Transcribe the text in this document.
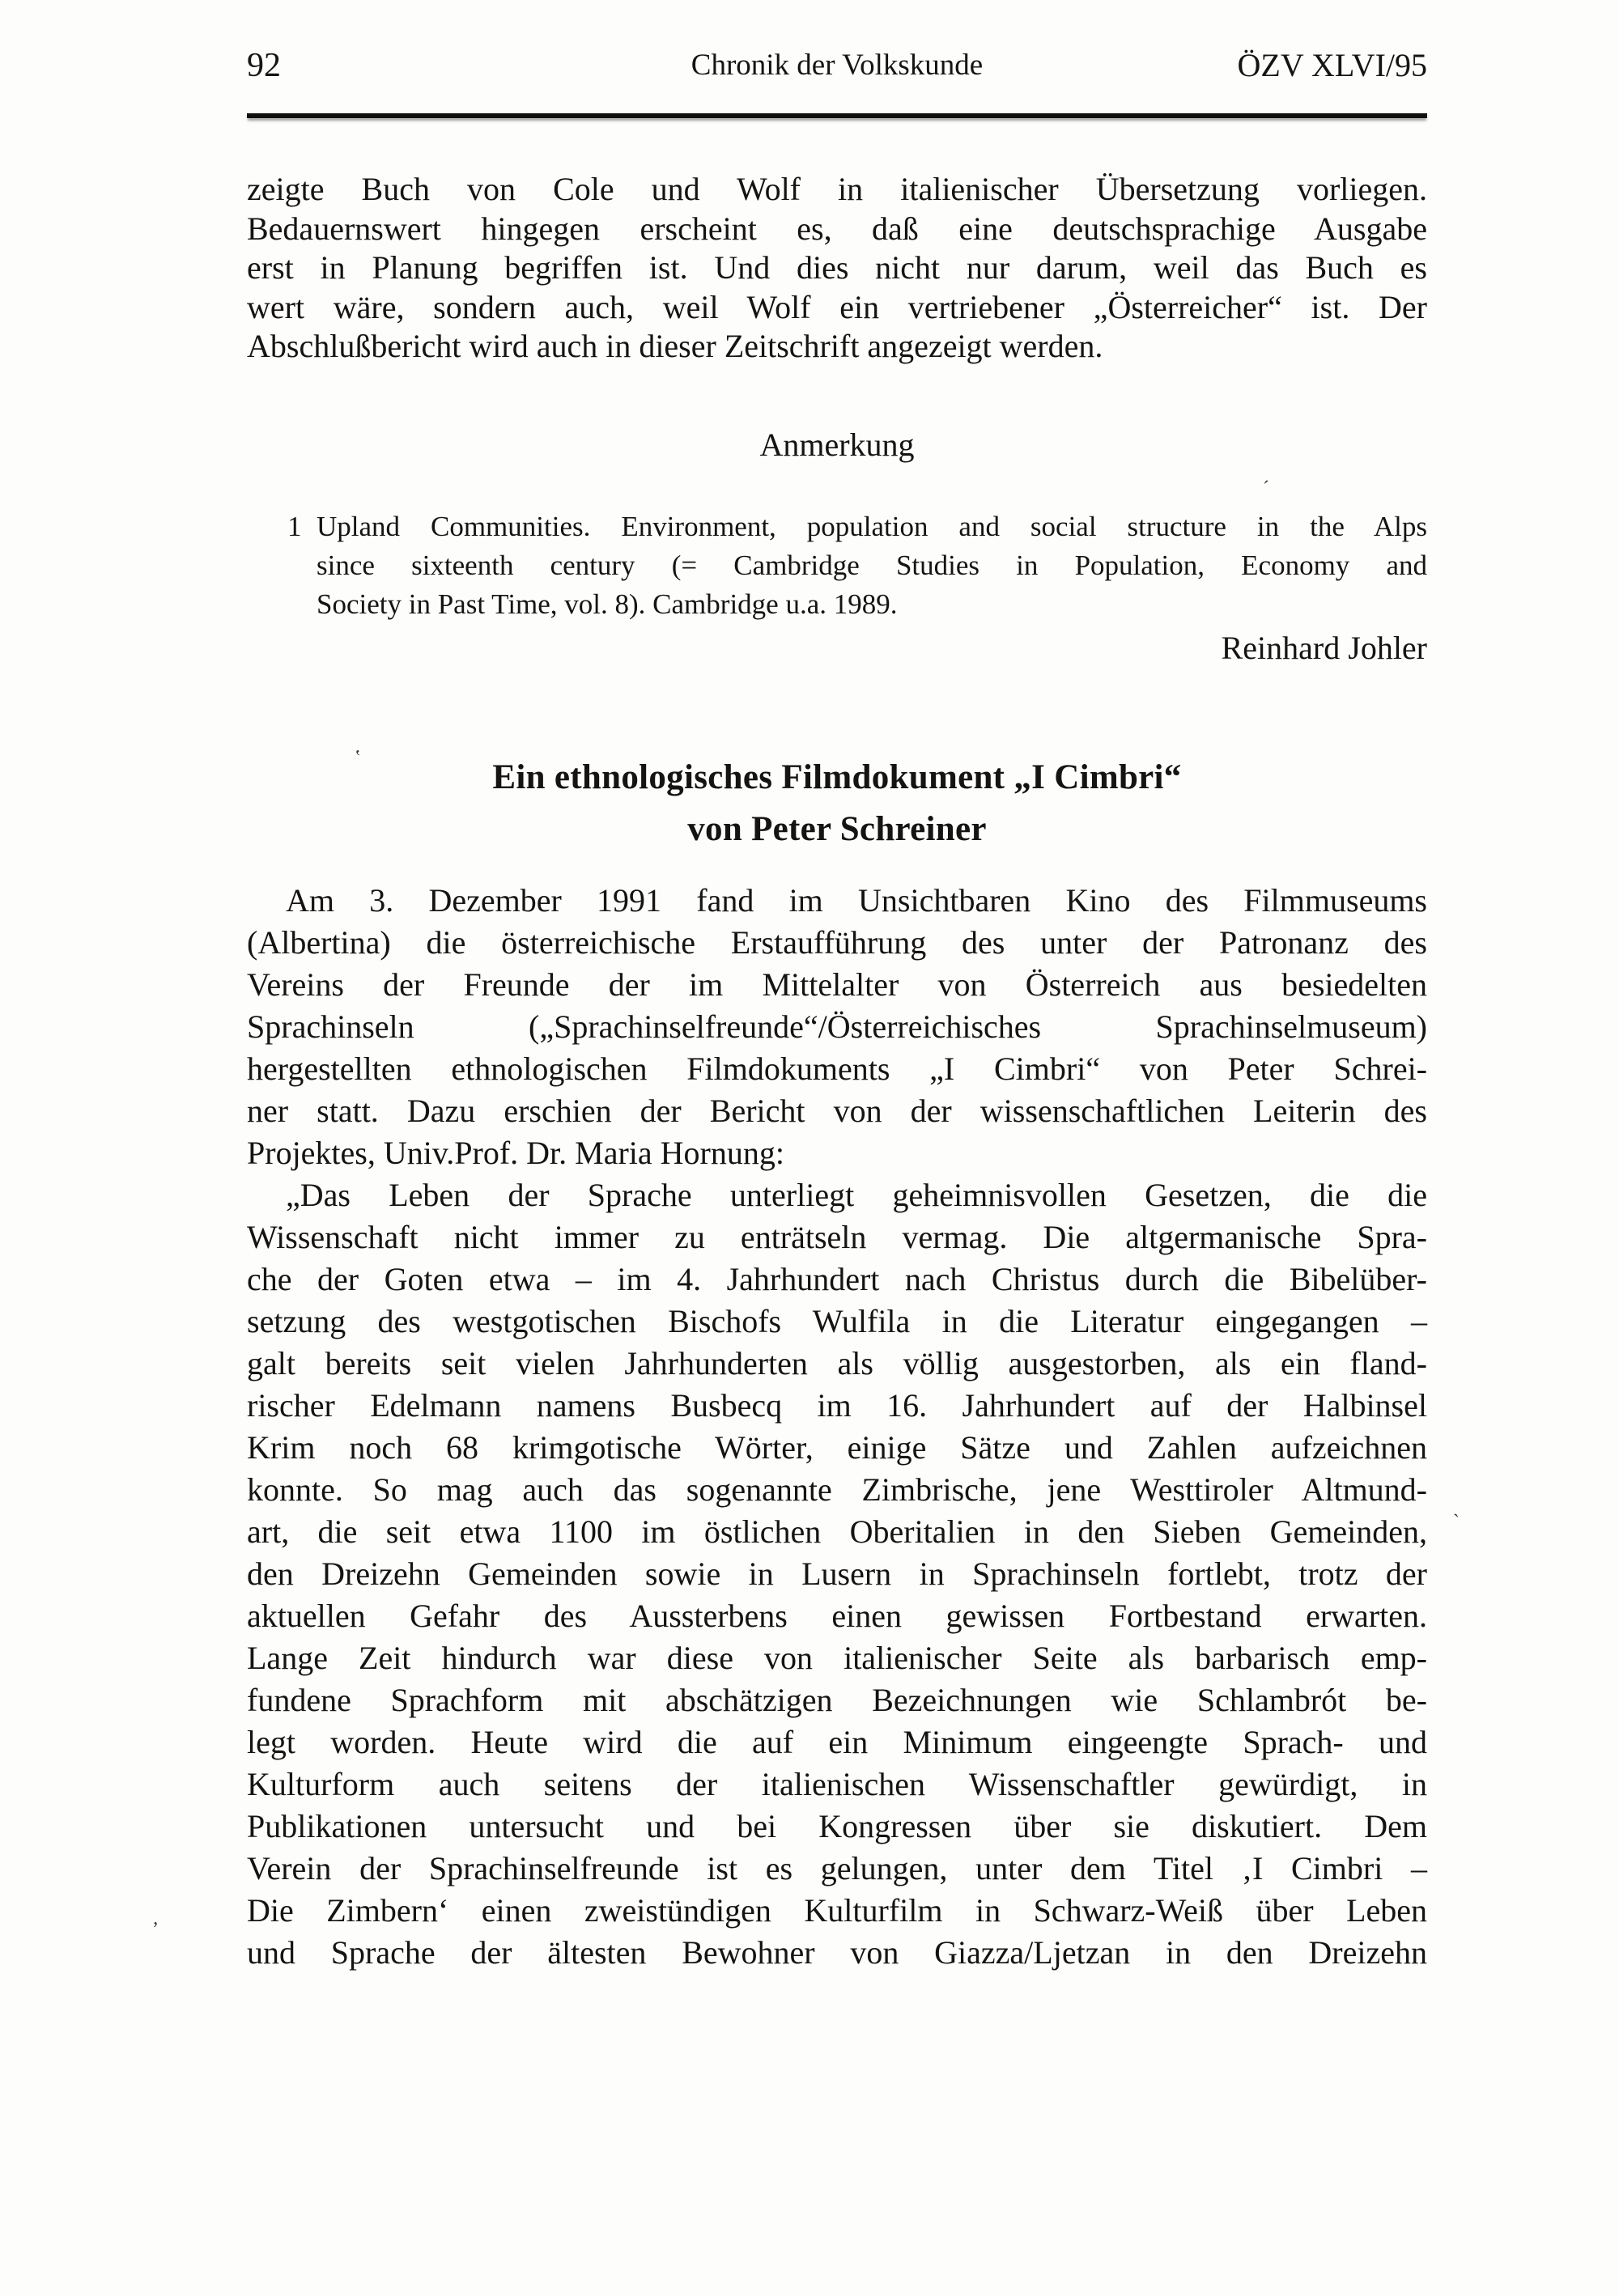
92	Chronik der Volkskunde	ÖZV XLVI/95
zeigte Buch von Cole und Wolf in italienischer Übersetzung vorliegen.
Bedauernswert hingegen erscheint es, daß eine deutschsprachige Ausgabe
erst in Planung begriffen ist. Und dies nicht nur darum, weil das Buch es
wert wäre, sondern auch, weil Wolf ein vertriebener „Österreicher“ ist. Der
Abschlußbericht wird auch in dieser Zeitschrift angezeigt werden.
Anmerkung
1 Upland Communities. Environment, population and social structure in the Alps
since sixteenth century (= Cambridge Studies in Population, Economy and
Society in Past Time, vol. 8). Cambridge u.a. 1989.
Reinhard Johler
Ein ethnologisches Filmdokument „I Cimbri“
von Peter Schreiner
Am 3. Dezember 1991 fand im Unsichtbaren Kino des Filmmuseums
(Albertina) die österreichische Erstaufführung des unter der Patronanz des
Vereins der Freunde der im Mittelalter von Österreich aus besiedelten
Sprachinseln („Sprachinselfreunde“/Österreichisches Sprachinselmuseum)
hergestellten ethnologischen Filmdokuments „I Cimbri“ von Peter Schrei-
ner statt. Dazu erschien der Bericht von der wissenschaftlichen Leiterin des
Projektes, Univ.Prof. Dr. Maria Hornung:
„Das Leben der Sprache unterliegt geheimnisvollen Gesetzen, die die
Wissenschaft nicht immer zu enträtseln vermag. Die altgermanische Spra-
che der Goten etwa – im 4. Jahrhundert nach Christus durch die Bibelüber-
setzung des westgotischen Bischofs Wulfila in die Literatur eingegangen –
galt bereits seit vielen Jahrhunderten als völlig ausgestorben, als ein fland-
rischer Edelmann namens Busbecq im 16. Jahrhundert auf der Halbinsel
Krim noch 68 krimgotische Wörter, einige Sätze und Zahlen aufzeichnen
konnte. So mag auch das sogenannte Zimbrische, jene Westtiroler Altmund-
art, die seit etwa 1100 im östlichen Oberitalien in den Sieben Gemeinden,
den Dreizehn Gemeinden sowie in Lusern in Sprachinseln fortlebt, trotz der
aktuellen Gefahr des Aussterbens einen gewissen Fortbestand erwarten.
Lange Zeit hindurch war diese von italienischer Seite als barbarisch emp-
fundene Sprachform mit abschätzigen Bezeichnungen wie Schlambrót be-
legt worden. Heute wird die auf ein Minimum eingeengte Sprach- und
Kulturform auch seitens der italienischen Wissenschaftler gewürdigt, in
Publikationen untersucht und bei Kongressen über sie diskutiert. Dem
Verein der Sprachinselfreunde ist es gelungen, unter dem Titel ‚I Cimbri –
Die Zimbern‘ einen zweistündigen Kulturfilm in Schwarz-Weiß über Leben
und Sprache der ältesten Bewohner von Giazza/Ljetzan in den Dreizehn
´
‛
ˏ
ʼ
